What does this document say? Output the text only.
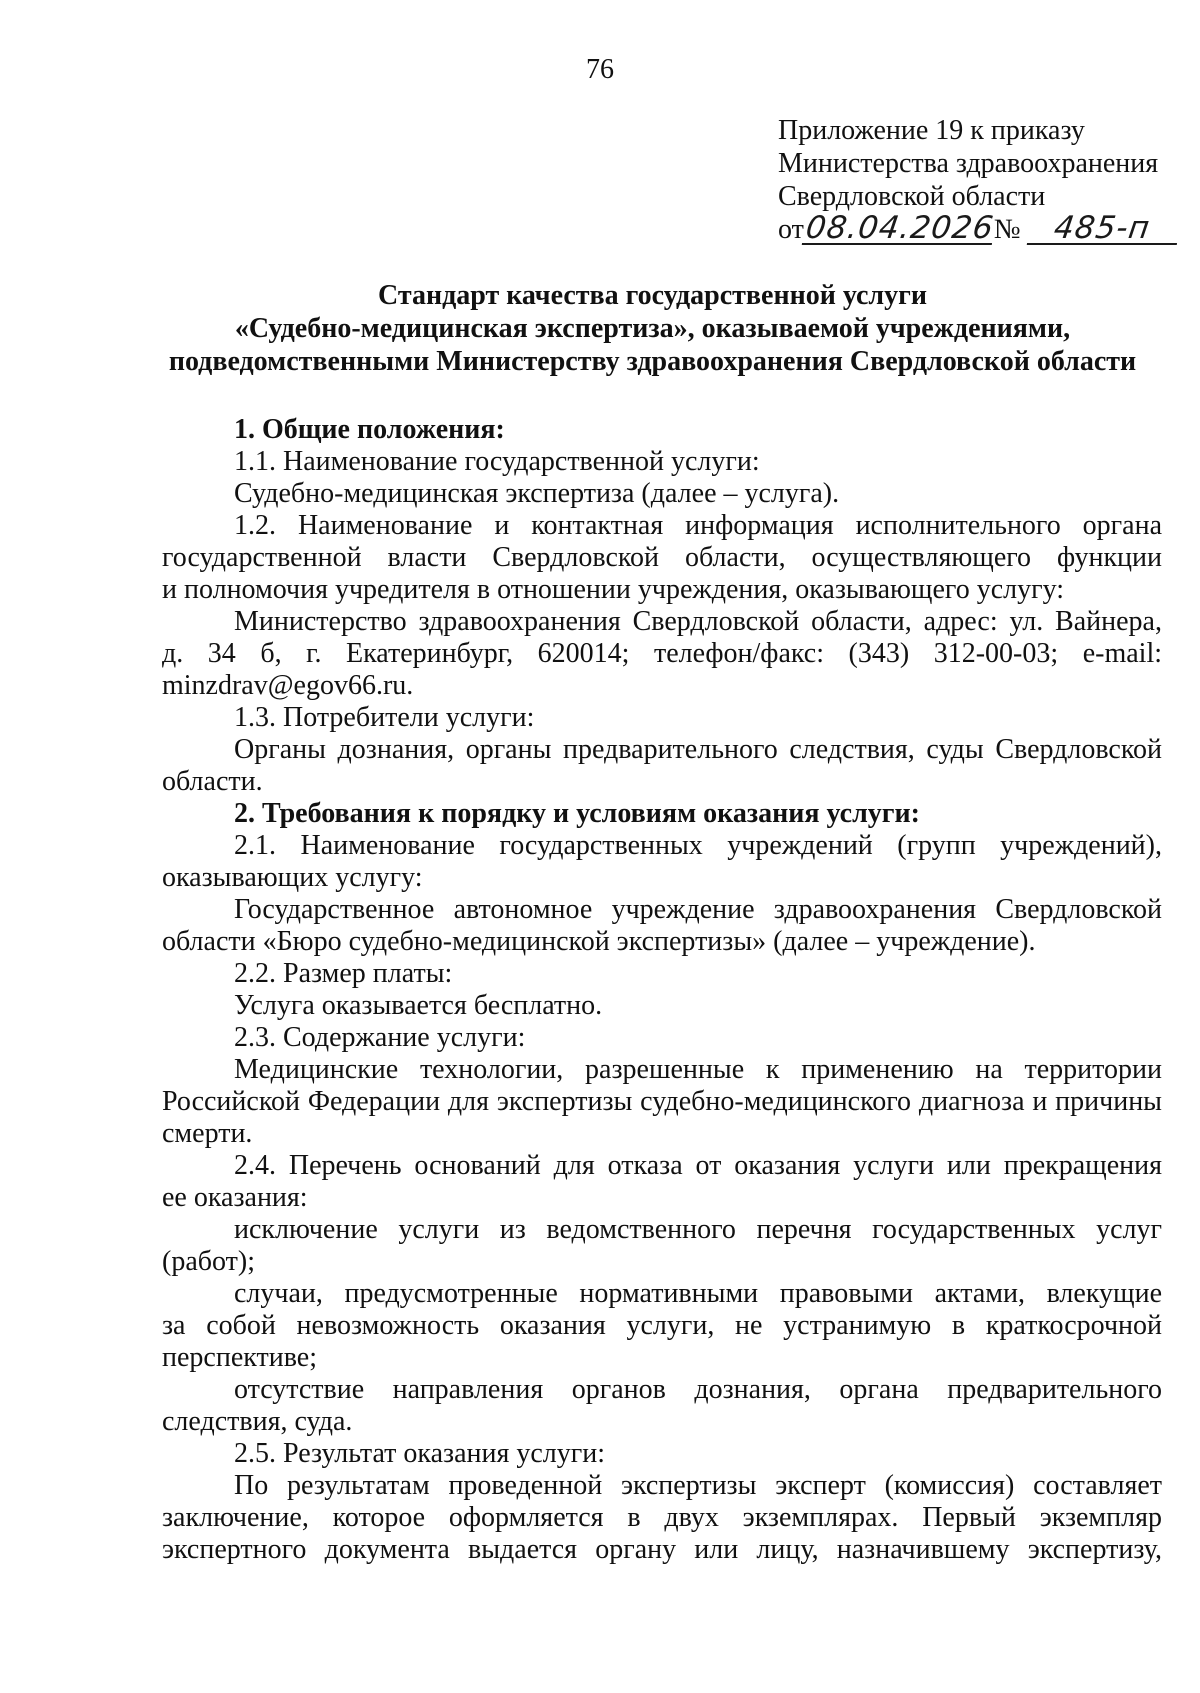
76
Приложение 19 к приказу
Министерства здравоохранения
Свердловской области
от08.04.2026№ 485-п
Стандарт качества государственной услуги
«Судебно-медицинская экспертиза», оказываемой учреждениями,
подведомственными Министерству здравоохранения Свердловской области
1. Общие положения:
1.1. Наименование государственной услуги:
Судебно-медицинская экспертиза (далее – услуга).
1.2. Наименование и контактная информация исполнительного органа
государственной власти Свердловской области, осуществляющего функции
и полномочия учредителя в отношении учреждения, оказывающего услугу:
Министерство здравоохранения Свердловской области, адрес: ул. Вайнера,
д. 34 б, г. Екатеринбург, 620014; телефон/факс: (343) 312-00-03; e-mail:
minzdrav@egov66.ru.
1.3. Потребители услуги:
Органы дознания, органы предварительного следствия, суды Свердловской
области.
2. Требования к порядку и условиям оказания услуги:
2.1. Наименование государственных учреждений (групп учреждений),
оказывающих услугу:
Государственное автономное учреждение здравоохранения Свердловской
области «Бюро судебно-медицинской экспертизы» (далее – учреждение).
2.2. Размер платы:
Услуга оказывается бесплатно.
2.3. Содержание услуги:
Медицинские технологии, разрешенные к применению на территории
Российской Федерации для экспертизы судебно-медицинского диагноза и причины
смерти.
2.4. Перечень оснований для отказа от оказания услуги или прекращения
ее оказания:
исключение услуги из ведомственного перечня государственных услуг
(работ);
случаи, предусмотренные нормативными правовыми актами, влекущие
за собой невозможность оказания услуги, не устранимую в краткосрочной
перспективе;
отсутствие направления органов дознания, органа предварительного
следствия, суда.
2.5. Результат оказания услуги:
По результатам проведенной экспертизы эксперт (комиссия) составляет
заключение, которое оформляется в двух экземплярах. Первый экземпляр
экспертного документа выдается органу или лицу, назначившему экспертизу,
